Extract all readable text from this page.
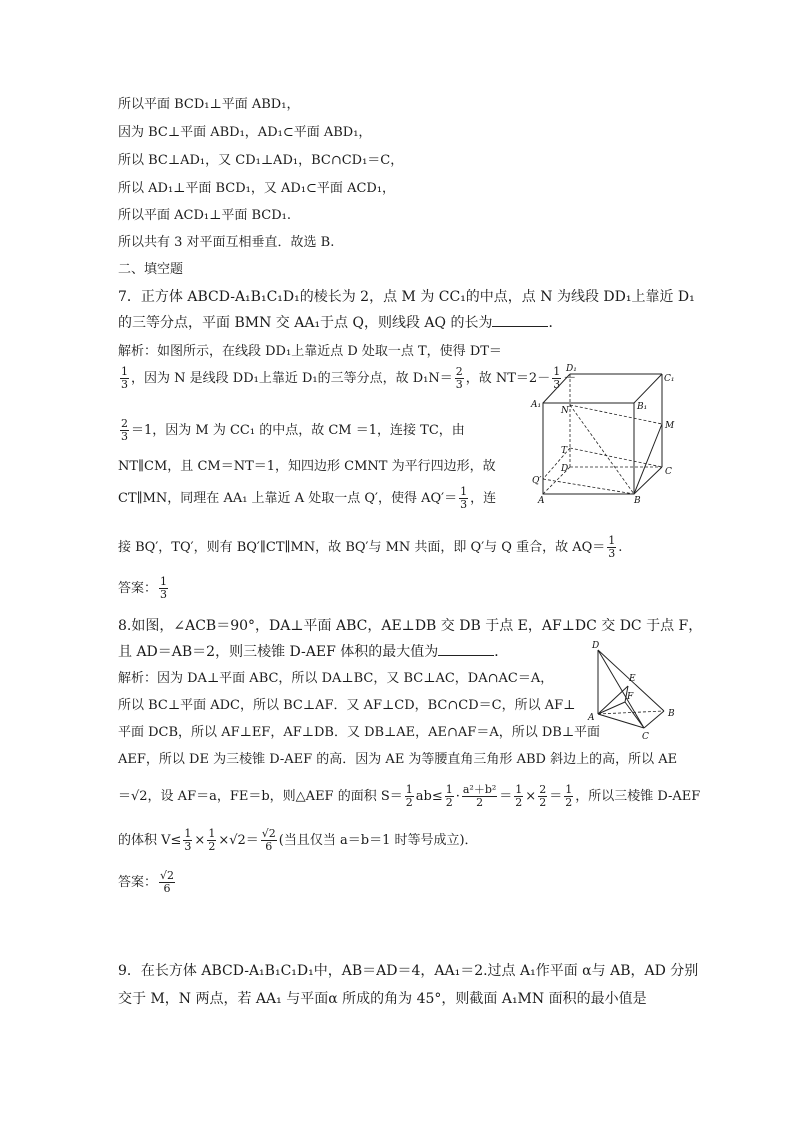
所以平面 BCD₁⊥平面 ABD₁，
因为 BC⊥平面 ABD₁，AD₁⊂平面 ABD₁，
所以 BC⊥AD₁，又 CD₁⊥AD₁，BC∩CD₁＝C，
所以 AD₁⊥平面 BCD₁，又 AD₁⊂平面 ACD₁，
所以平面 ACD₁⊥平面 BCD₁.
所以共有 3 对平面互相垂直．故选 B.
二、填空题
7．正方体 ABCD-A₁B₁C₁D₁的棱长为 2，点 M 为 CC₁的中点，点 N 为线段 DD₁上靠近 D₁
的三等分点，平面 BMN 交 AA₁于点 Q，则线段 AQ 的长为	．
解析：如图所示，在线段 DD₁上靠近点 D 处取一点 T，使得 DT＝
$\frac{1}{3}$ ，因为 N 是线段 DD₁上靠近 D₁的三等分点，故 $D_1N= \frac{2}{3}$ ，故 $NT=2- \frac{1}{3}$ －
$\frac{2}{3} =1$，因为 M 为 CC₁ 的中点，故 CM ＝1，连接 TC，由
NT∥CM，且 CM＝NT＝1，知四边形 CMNT 为平行四边形，故
CT∥MN，同理在 AA₁ 上靠近 A 处取一点 Q′，使得 $AQ'= \frac{1}{3}$ ，连
接 BQ′，TQ′，则有 BQ′∥CT∥MN，故 BQ′与 MN 共面，即 Q′与 Q 重合，故 $AQ= \frac{1}{3}$ .
答案： $\frac{1}{3}$
D₁
C₁
A₁	B₁
N
M
T
D	C
Q′
A	B
8.如图，∠ACB＝90°，DA⊥平面 ABC，AE⊥DB 交 DB 于点 E，AF⊥DC 交 DC 于点 F，
且 AD＝AB＝2，则三棱锥 D-AEF 体积的最大值为	．
解析：因为 DA⊥平面 ABC，所以 DA⊥BC，又 BC⊥AC，DA∩AC＝A，
所以 BC⊥平面 ADC，所以 BC⊥AF．又 AF⊥CD，BC∩CD＝C，所以 AF⊥
平面 DCB，所以 AF⊥EF，AF⊥DB．又 DB⊥AE，AE∩AF＝A，所以 DB⊥平面
AEF，所以 DE 为三棱锥 D-AEF 的高．因为 AE 为等腰直角三角形 ABD 斜边上的高，所以 AE
＝√2，设 AF＝a，FE＝b，则△AEF 的面积 $S= \frac{1}{2} ab\le \frac{1}{2} \cdot \frac{\text{a²＋b²}}{2} = \frac{1}{2} \times \frac{2}{2} = \frac{1}{2}$ ，所以三棱锥 D-AEF
的体积 $V\le \frac{1}{3} \times \frac{1}{2} \times√2= \frac{√2}{6}$ (当且仅当 a＝b＝1 时等号成立)．
答案： $\frac{√2}{6}$
D
E
F
A	B
C
9．在长方体 ABCD-A₁B₁C₁D₁中，AB＝AD＝4，AA₁＝2.过点 A₁作平面 α与 AB，AD 分别
交于 M，N 两点，若 AA₁ 与平面α 所成的角为 45°，则截面 A₁MN 面积的最小值是
